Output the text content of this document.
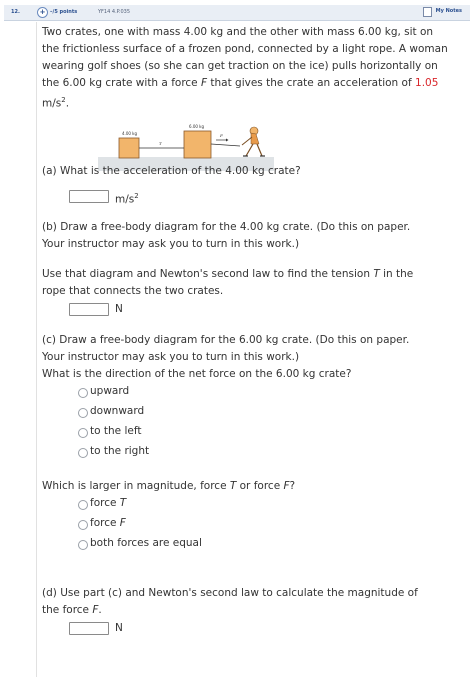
12.	+ –/5 points	YF14 4.P.035	My Notes
Two crates, one with mass 4.00 kg and the other with mass 6.00 kg, sit on
the frictionless surface of a frozen pond, connected by a light rope. A woman
wearing golf shoes (so she can get traction on the ice) pulls horizontally on
the 6.00 kg crate with a force F that gives the crate an acceleration of 1.05
$m/s^2$.
4.00 kg
6.00 kg
T
F
(a) What is the acceleration of the 4.00 kg crate?
$m/s^2$
(b) Draw a free-body diagram for the 4.00 kg crate. (Do this on paper.
Your instructor may ask you to turn in this work.)
Use that diagram and Newton's second law to find the tension T in the
rope that connects the two crates.
N
(c) Draw a free-body diagram for the 6.00 kg crate. (Do this on paper.
Your instructor may ask you to turn in this work.)
What is the direction of the net force on the 6.00 kg crate?
upward
downward
to the left
to the right
Which is larger in magnitude, force T or force F?
force T
force F
both forces are equal
(d) Use part (c) and Newton's second law to calculate the magnitude of
the force F.
N
